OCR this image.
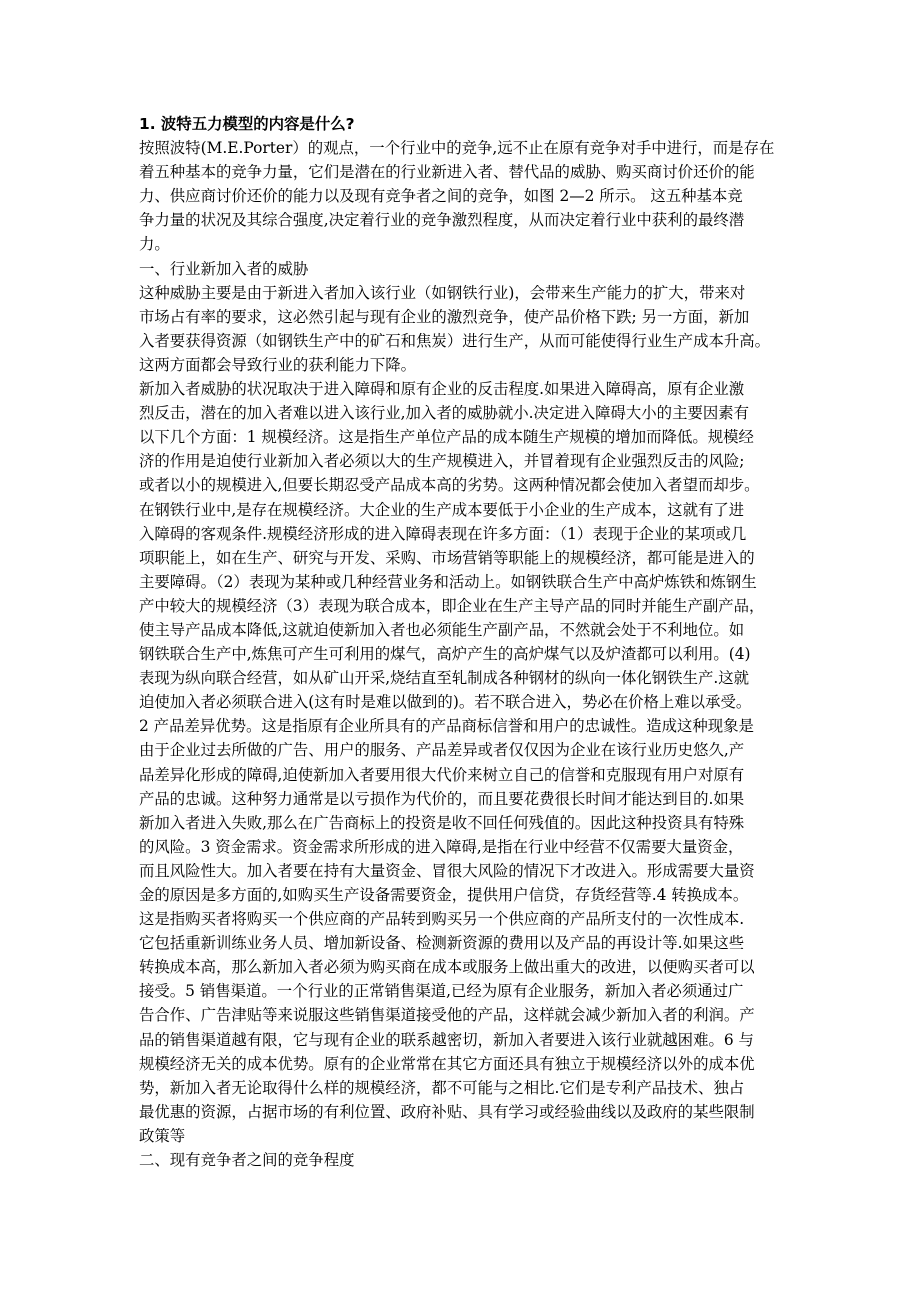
1. 波特五力模型的内容是什么?
按照波特(M.E.Porter）的观点，一个行业中的竞争,远不止在原有竞争对手中进行，而是存在
着五种基本的竞争力量，它们是潜在的行业新进入者、替代品的威胁、购买商讨价还价的能
力、供应商讨价还价的能力以及现有竞争者之间的竞争，如图 2—2 所示。 这五种基本竞
争力量的状况及其综合强度,决定着行业的竞争激烈程度，从而决定着行业中获利的最终潜
力。
一、行业新加入者的威胁
这种威胁主要是由于新进入者加入该行业（如钢铁行业)，会带来生产能力的扩大，带来对
市场占有率的要求，这必然引起与现有企业的激烈竞争，使产品价格下跌; 另一方面，新加
入者要获得资源（如钢铁生产中的矿石和焦炭）进行生产，从而可能使得行业生产成本升高。
这两方面都会导致行业的获利能力下降。
新加入者威胁的状况取决于进入障碍和原有企业的反击程度.如果进入障碍高，原有企业激
烈反击，潜在的加入者难以进入该行业,加入者的威胁就小.决定进入障碍大小的主要因素有
以下几个方面：1 规模经济。这是指生产单位产品的成本随生产规模的增加而降低。规模经
济的作用是迫使行业新加入者必须以大的生产规模进入，并冒着现有企业强烈反击的风险;
或者以小的规模进入,但要长期忍受产品成本高的劣势。这两种情况都会使加入者望而却步。
在钢铁行业中,是存在规模经济。大企业的生产成本要低于小企业的生产成本，这就有了进
入障碍的客观条件.规模经济形成的进入障碍表现在许多方面：（1）表现于企业的某项或几
项职能上，如在生产、研究与开发、采购、市场营销等职能上的规模经济，都可能是进入的
主要障碍。（2）表现为某种或几种经营业务和活动上。如钢铁联合生产中高炉炼铁和炼钢生
产中较大的规模经济（3）表现为联合成本，即企业在生产主导产品的同时并能生产副产品，
使主导产品成本降低,这就迫使新加入者也必须能生产副产品，不然就会处于不利地位。如
钢铁联合生产中,炼焦可产生可利用的煤气，高炉产生的高炉煤气以及炉渣都可以利用。(4)
表现为纵向联合经营，如从矿山开采,烧结直至轧制成各种钢材的纵向一体化钢铁生产.这就
迫使加入者必须联合进入(这有时是难以做到的)。若不联合进入，势必在价格上难以承受。
2 产品差异优势。这是指原有企业所具有的产品商标信誉和用户的忠诚性。造成这种现象是
由于企业过去所做的广告、用户的服务、产品差异或者仅仅因为企业在该行业历史悠久,产
品差异化形成的障碍,迫使新加入者要用很大代价来树立自己的信誉和克服现有用户对原有
产品的忠诚。这种努力通常是以亏损作为代价的，而且要花费很长时间才能达到目的.如果
新加入者进入失败,那么在广告商标上的投资是收不回任何残值的。因此这种投资具有特殊
的风险。3 资金需求。资金需求所形成的进入障碍,是指在行业中经营不仅需要大量资金，
而且风险性大。加入者要在持有大量资金、冒很大风险的情况下才改进入。形成需要大量资
金的原因是多方面的,如购买生产设备需要资金，提供用户信贷，存货经营等.4 转换成本。
这是指购买者将购买一个供应商的产品转到购买另一个供应商的产品所支付的一次性成本.
它包括重新训练业务人员、增加新设备、检测新资源的费用以及产品的再设计等.如果这些
转换成本高，那么新加入者必须为购买商在成本或服务上做出重大的改进，以便购买者可以
接受。5 销售渠道。一个行业的正常销售渠道,已经为原有企业服务，新加入者必须通过广
告合作、广告津贴等来说服这些销售渠道接受他的产品，这样就会减少新加入者的利润。产
品的销售渠道越有限，它与现有企业的联系越密切，新加入者要进入该行业就越困难。6 与
规模经济无关的成本优势。原有的企业常常在其它方面还具有独立于规模经济以外的成本优
势，新加入者无论取得什么样的规模经济，都不可能与之相比.它们是专利产品技术、独占
最优惠的资源，占据市场的有利位置、政府补贴、具有学习或经验曲线以及政府的某些限制
政策等
二、现有竞争者之间的竞争程度
